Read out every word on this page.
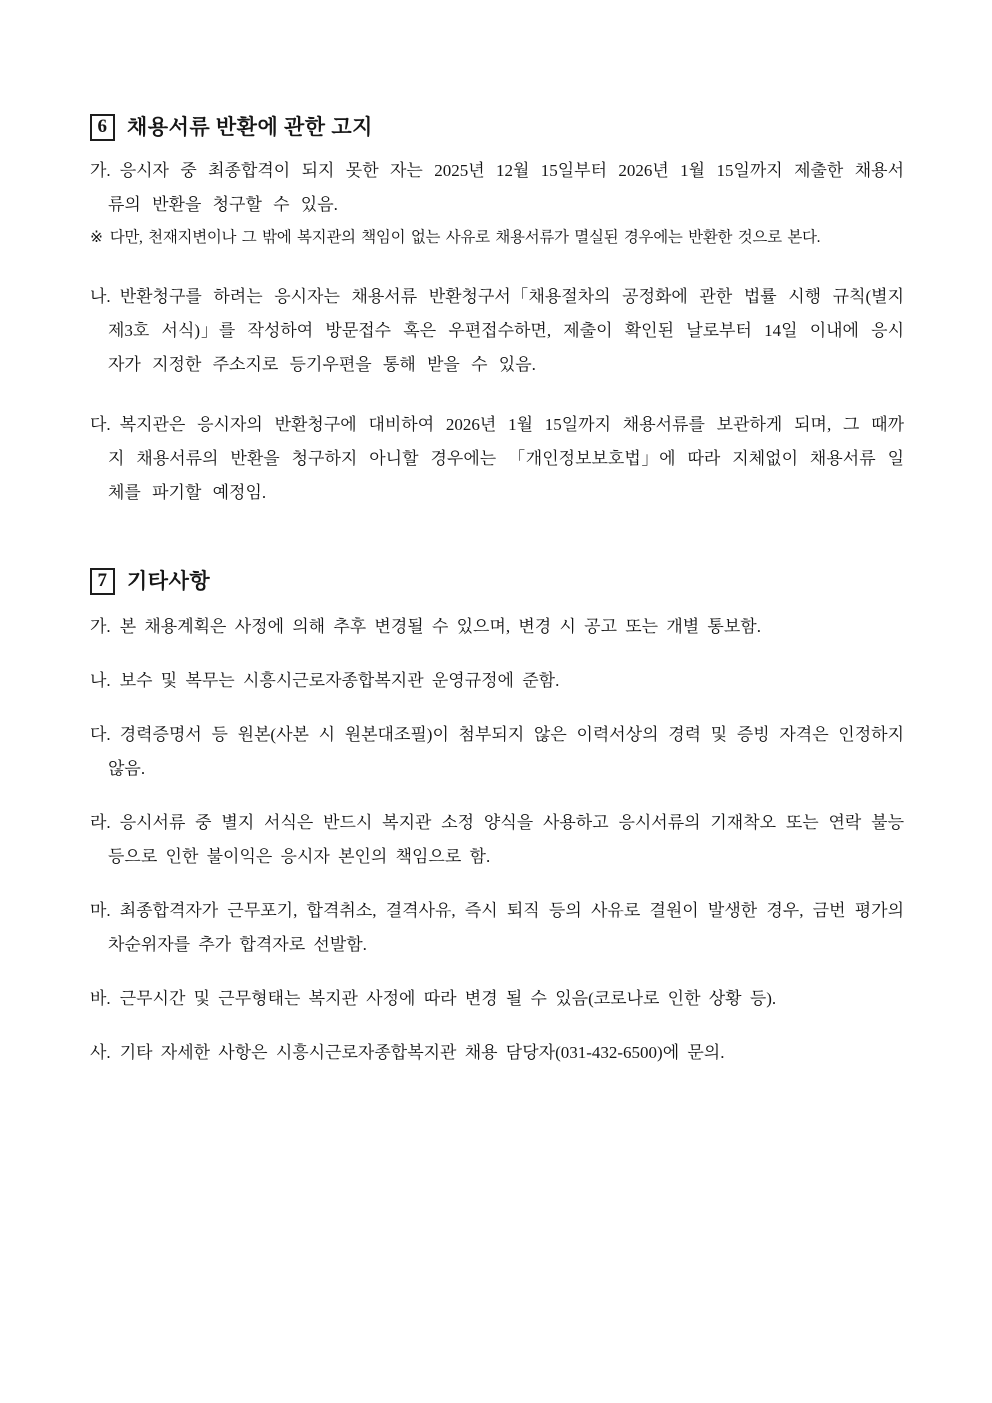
6 채용서류 반환에 관한 고지

가. 응시자 중 최종합격이 되지 못한 자는 2025년 12월 15일부터 2026년 1월 15일까지 제출한 채용서류의 반환을 청구할 수 있음.

※ 다만, 천재지변이나 그 밖에 복지관의 책임이 없는 사유로 채용서류가 멸실된 경우에는 반환한 것으로 본다.

나. 반환청구를 하려는 응시자는 채용서류 반환청구서「채용절차의 공정화에 관한 법률 시행 규칙(별지 제3호 서식)」를 작성하여 방문접수 혹은 우편접수하면, 제출이 확인된 날로부터 14일 이내에 응시자가 지정한 주소지로 등기우편을 통해 받을 수 있음.

다. 복지관은 응시자의 반환청구에 대비하여 2026년 1월 15일까지 채용서류를 보관하게 되며, 그 때까지 채용서류의 반환을 청구하지 아니할 경우에는 「개인정보보호법」에 따라 지체없이 채용서류 일체를 파기할 예정임.

7 기타사항

가. 본 채용계획은 사정에 의해 추후 변경될 수 있으며, 변경 시 공고 또는 개별 통보함.

나. 보수 및 복무는 시흥시근로자종합복지관 운영규정에 준함.

다. 경력증명서 등 원본(사본 시 원본대조필)이 첨부되지 않은 이력서상의 경력 및 증빙 자격은 인정하지 않음.

라. 응시서류 중 별지 서식은 반드시 복지관 소정 양식을 사용하고 응시서류의 기재착오 또는 연락 불능 등으로 인한 불이익은 응시자 본인의 책임으로 함.

마. 최종합격자가 근무포기, 합격취소, 결격사유, 즉시 퇴직 등의 사유로 결원이 발생한 경우, 금번 평가의 차순위자를 추가 합격자로 선발함.

바. 근무시간 및 근무형태는 복지관 사정에 따라 변경 될 수 있음(코로나로 인한 상황 등).

사. 기타 자세한 사항은 시흥시근로자종합복지관 채용 담당자(031-432-6500)에 문의.
